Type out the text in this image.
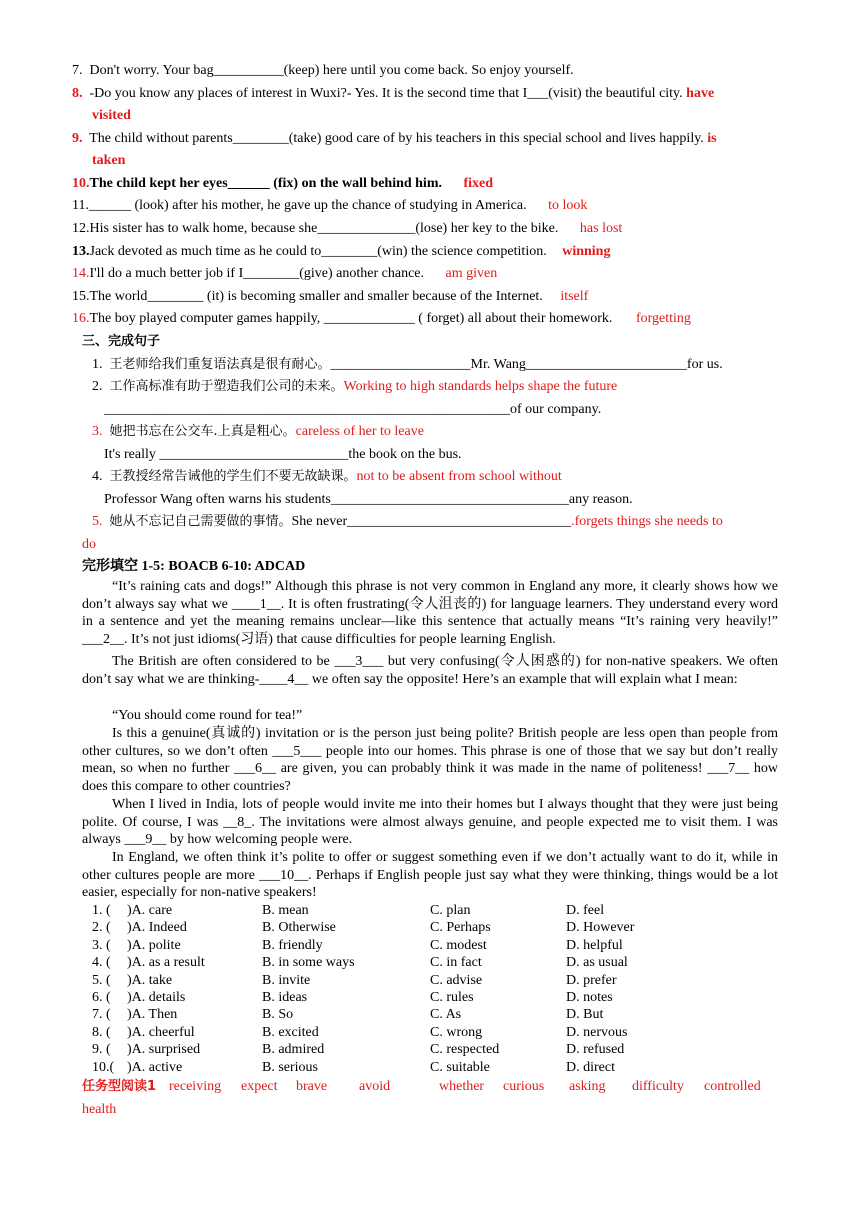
7. Don't worry. Your bag__________(keep) here until you come back. So enjoy yourself.
8. -Do you know any places of interest in Wuxi?- Yes. It is the second time that I___(visit) the beautiful city. have
visited
9. The child without parents________(take) good care of by his teachers in this special school and lives happily. is
taken
10.The child kept her eyes______ (fix) on the wall behind him. fixed
11.______ (look) after his mother, he gave up the chance of studying in America. to look
12.His sister has to walk home, because she______________(lose) her key to the bike. has lost
13.Jack devoted as much time as he could to________(win) the science competition. winning
14.I'll do a much better job if I________(give) another chance. am given
15.The world________ (it) is becoming smaller and smaller because of the Internet. itself
16.The boy played computer games happily, _____________ ( forget) all about their homework. forgetting
三、完成句子
1. 王老师给我们重复语法真是很有耐心。____________________Mr. Wang_______________________for us.
2. 工作高标准有助于塑造我们公司的未来。Working to high standards helps shape the future
__________________________________________________________of our company.
3. 她把书忘在公交车.上真是粗心。careless of her to leave
It's really ___________________________the book on the bus.
4. 王教授经常告诫他的学生们不要无故缺课。not to be absent from school without
Professor Wang often warns his students__________________________________any reason.
5. 她从不忘记自己需要做的事情。She never________________________________.forgets things she needs to
do
完形填空 1-5: BOACB 6-10: ADCAD
“It’s raining cats and dogs!” Although this phrase is not very common in England any more, it clearly shows how we don’t always say what we ____1__. It is often frustrating(令人沮丧的) for language learners. They understand every word in a sentence and yet the meaning remains unclear—like this sentence that actually means “It’s raining very heavily!” ___2__. It’s not just idioms(习语) that cause difficulties for people learning English.
The British are often considered to be ___3___ but very confusing(令人困惑的) for non-native speakers. We often don’t say what we are thinking-____4__ we often say the opposite! Here’s an example that will explain what I mean:
“You should come round for tea!”
Is this a genuine(真诚的) invitation or is the person just being polite? British people are less open than people from other cultures, so we don’t often ___5___ people into our homes. This phrase is one of those that we say but don’t really mean, so when no further ___6__ are given, you can probably think it was made in the name of politeness! ___7__ how does this compare to other countries?
When I lived in India, lots of people would invite me into their homes but I always thought that they were just being polite. Of course, I was __8_. The invitations were almost always genuine, and people expected me to visit them. I was always ___9__ by how welcoming people were.
In England, we often think it’s polite to offer or suggest something even if we don’t actually want to do it, while in other cultures people are more ___10__. Perhaps if English people just say what they were thinking, things would be a lot easier, especially for non-native speakers!
1. ( )A. care	B. mean	C. plan	D. feel
2. ( )A. Indeed	B. Otherwise	C. Perhaps	D. However
3. ( )A. polite	B. friendly	C. modest	D. helpful
4. ( )A. as a result	B. in some ways	C. in fact	D. as usual
5. ( )A. take	B. invite	C. advise	D. prefer
6. ( )A. details	B. ideas	C. rules	D. notes
7. ( )A. Then	B. So	C. As	D. But
8. ( )A. cheerful	B. excited	C. wrong	D. nervous
9. ( )A. surprised	B. admired	C. respected	D. refused
10.( )A. active	B. serious	C. suitable	D. direct
任务型阅读1 receiving expect brave avoid	whether curious asking difficulty controlled
health
